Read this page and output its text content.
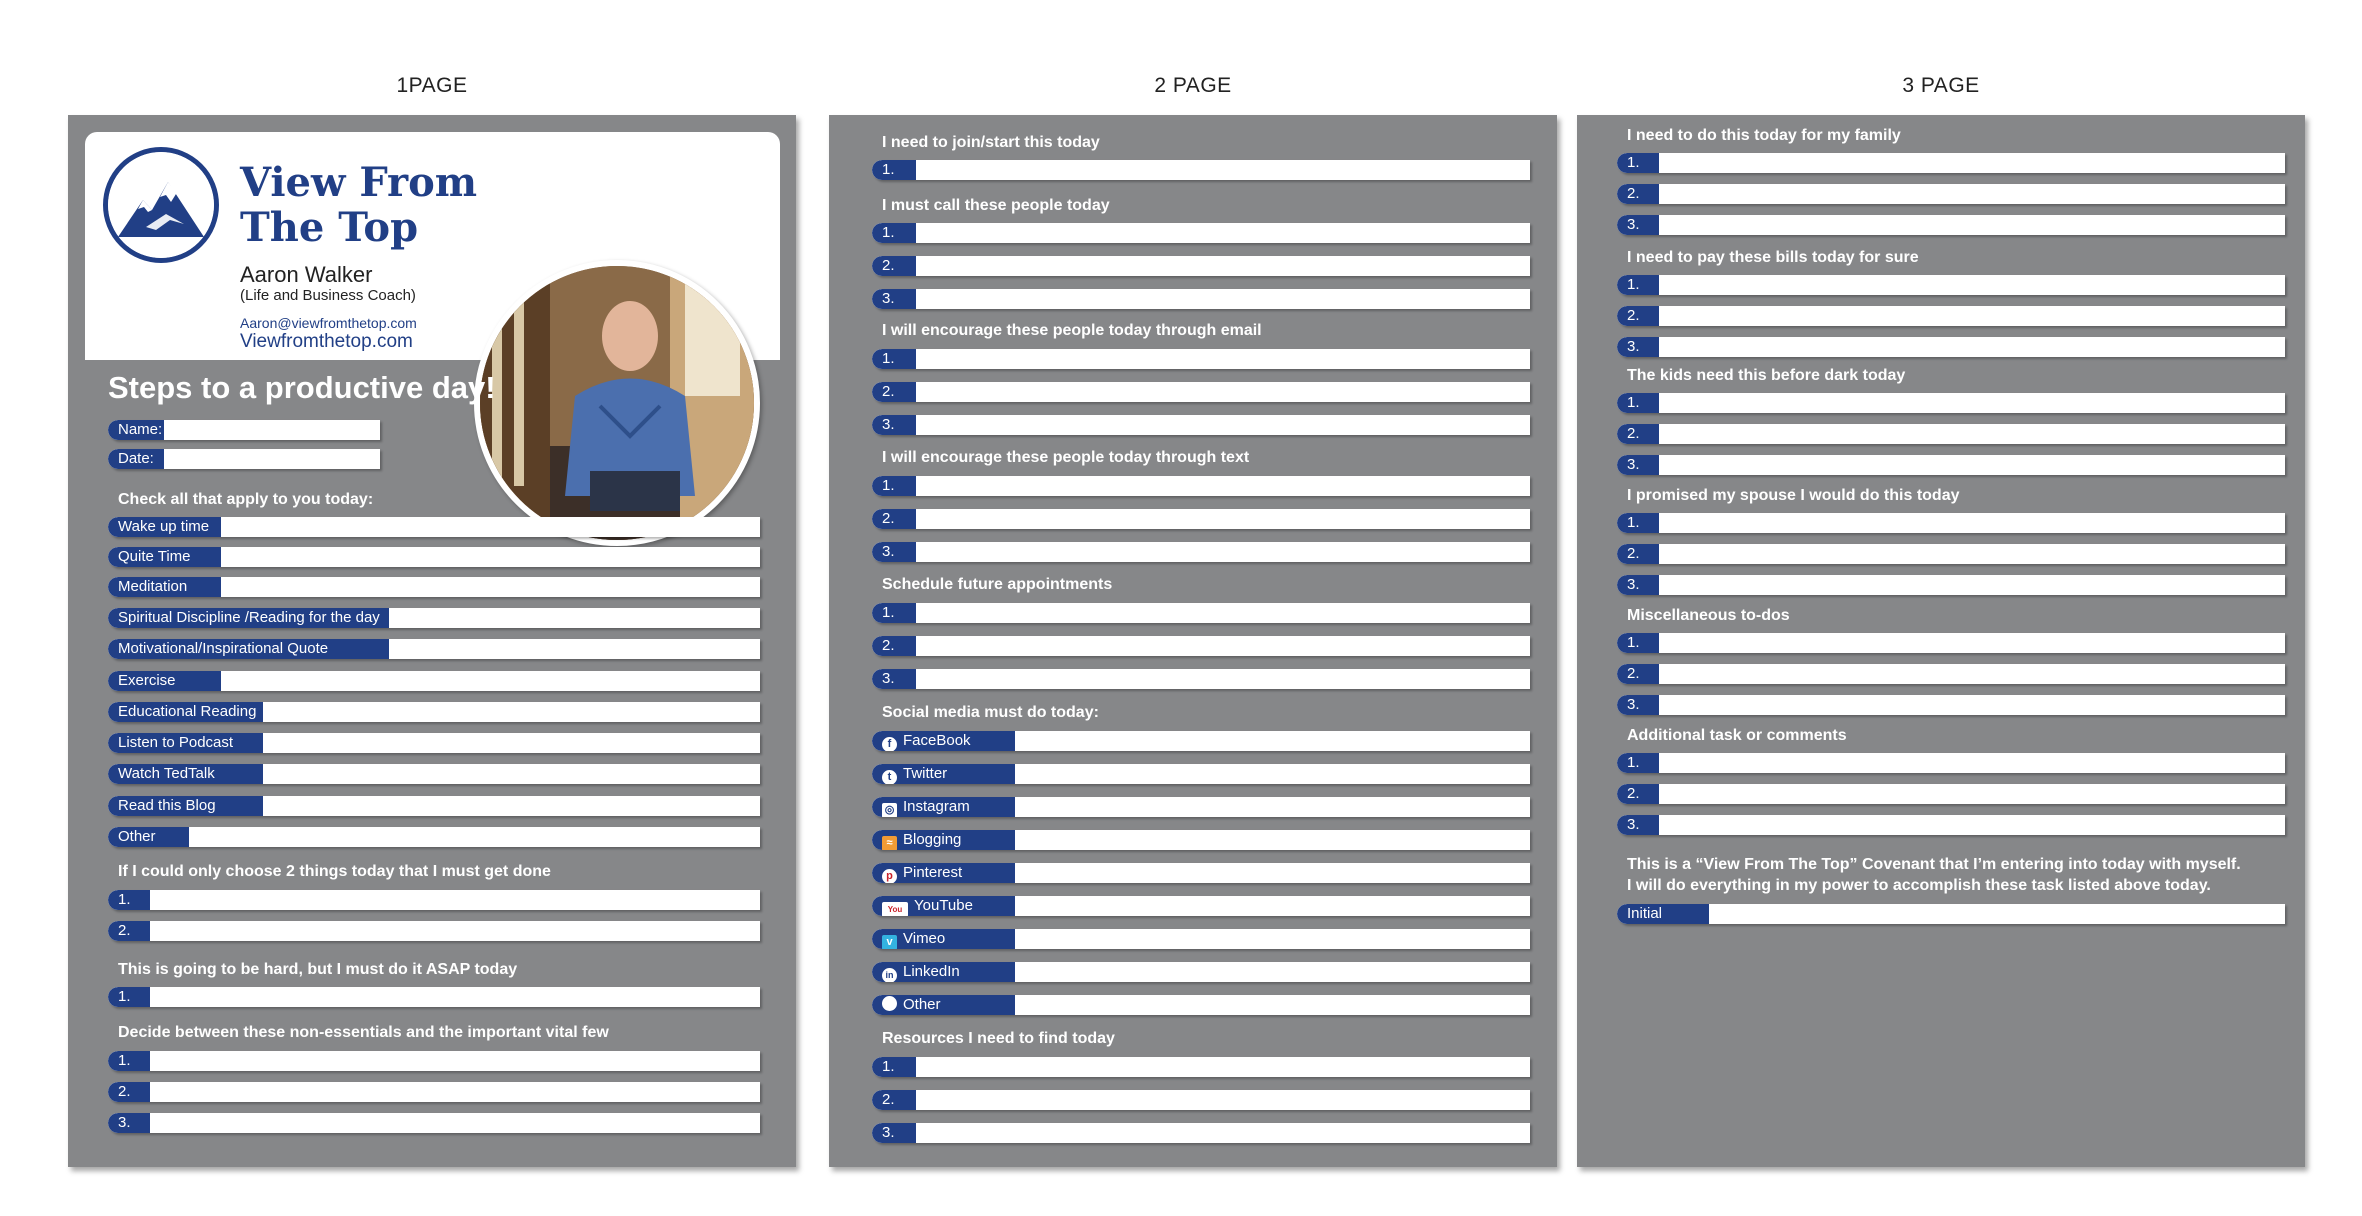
1PAGE	2 PAGE	3 PAGE
View From
The Top
Aaron Walker
(Life and Business Coach)
Aaron@viewfromthetop.com
Viewfromthetop.com
Steps to a productive day!
Name:
Date:
Check all that apply to you today:
Wake up time
Quite Time
Meditation
Spiritual Discipline /Reading for the day
Motivational/Inspirational Quote
Exercise
Educational Reading
Listen to Podcast
Watch TedTalk
Read this Blog
Other
If I could only choose 2 things today that I must get done
1.
2.
This is going to be hard, but I must do it ASAP today
1.
Decide between these non-essentials and the important vital few
1.
2.
3.
I need to join/start this today
1.
I must call these people today
1.
2.
3.
I will encourage these people today through email
1.
2.
3.
I will encourage these people today through text
1.
2.
3.
Schedule future appointments
1.
2.
3.
Social media must do today:
f FaceBook
t Twitter
◎ Instagram
≈ Blogging
p Pinterest
You YouTube
v Vimeo
in LinkedIn
Other
Resources I need to find today
1.
2.
3.
I need to do this today for my family
1.
2.
3.
I need to pay these bills today for sure
1.
2.
3.
The kids need this before dark today
1.
2.
3.
I promised my spouse I would do this today
1.
2.
3.
Miscellaneous to-dos
1.
2.
3.
Additional task or comments
1.
2.
3.
This is a “View From The Top” Covenant that I’m entering into today with myself.
I will do everything in my power to accomplish these task listed above today.
Initial
